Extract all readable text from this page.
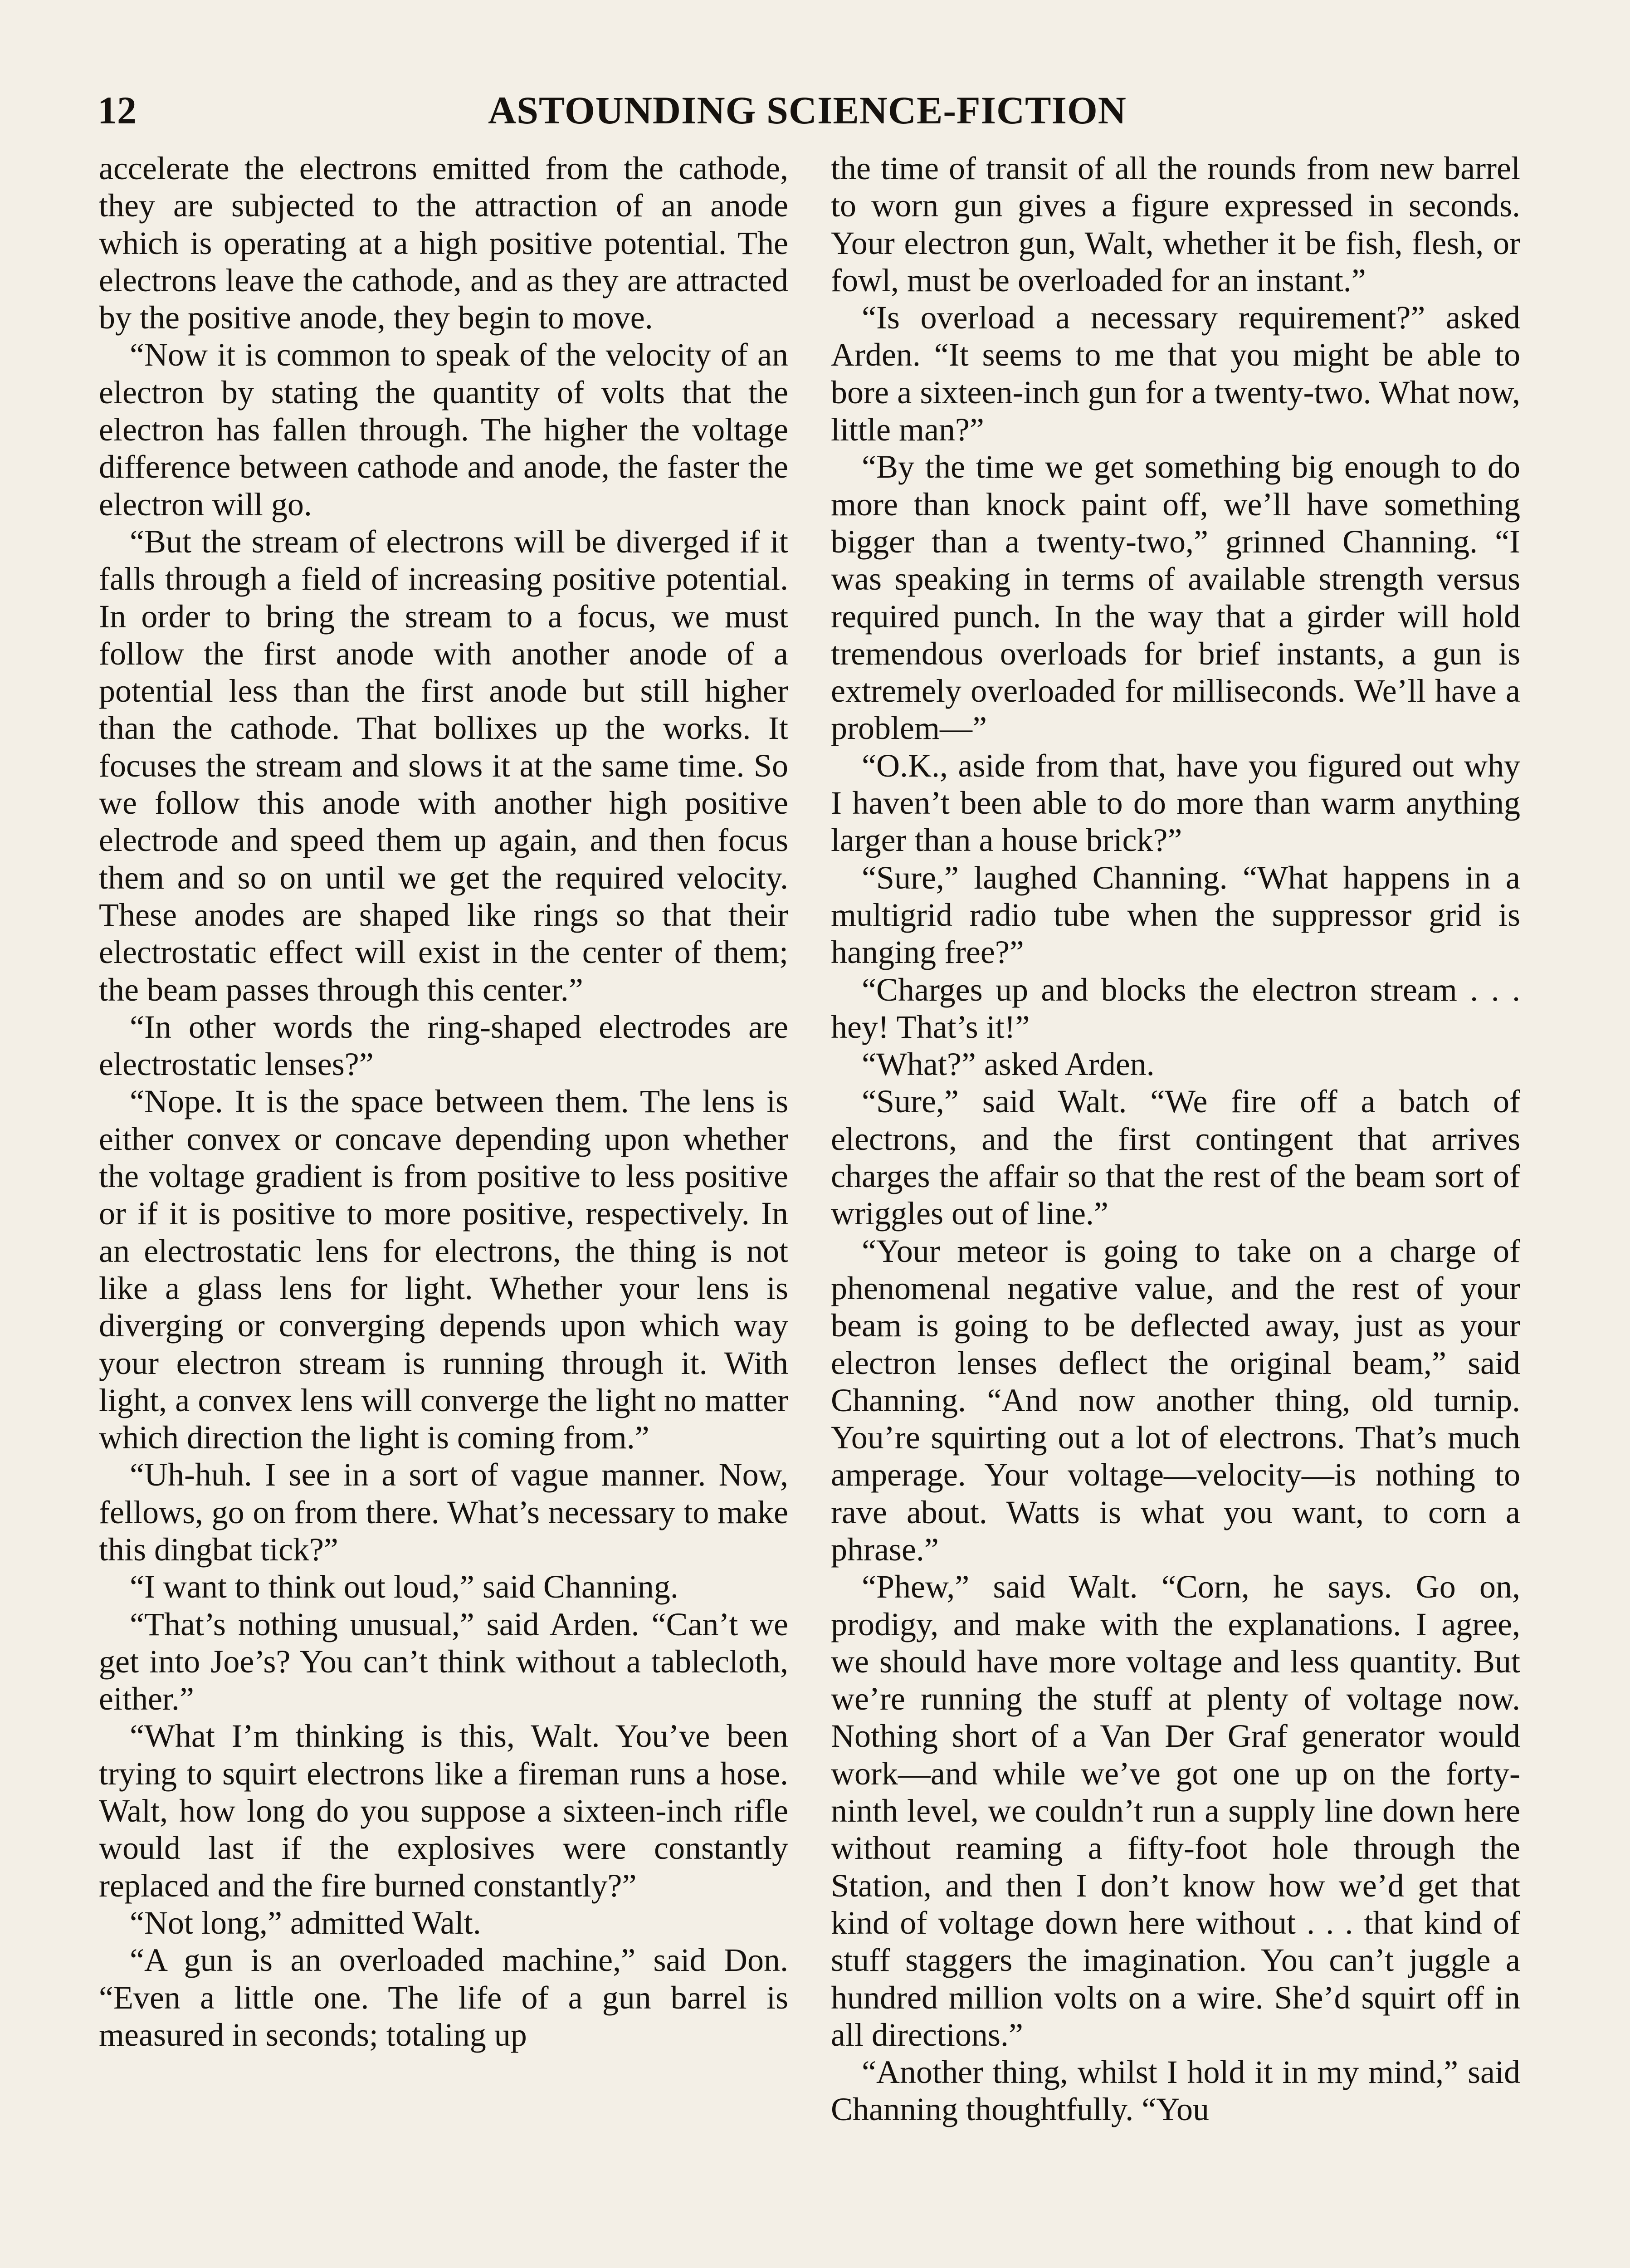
12	ASTOUNDING SCIENCE-FICTION

accelerate the electrons emitted from the cathode, they are subjected to the attraction of an anode which is operating at a high positive potential. The electrons leave the cathode, and as they are attracted by the positive anode, they begin to move.

“Now it is common to speak of the velocity of an electron by stating the quantity of volts that the electron has fallen through. The higher the voltage difference between cathode and anode, the faster the electron will go.

“But the stream of electrons will be diverged if it falls through a field of increasing positive potential. In order to bring the stream to a focus, we must follow the first anode with another anode of a potential less than the first anode but still higher than the cathode. That bollixes up the works. It focuses the stream and slows it at the same time. So we follow this anode with another high positive electrode and speed them up again, and then focus them and so on until we get the required velocity. These anodes are shaped like rings so that their electrostatic effect will exist in the center of them; the beam passes through this center.”

“In other words the ring-shaped electrodes are electrostatic lenses?”

“Nope. It is the space between them. The lens is either convex or concave depending upon whether the voltage gradient is from positive to less positive or if it is positive to more positive, respectively. In an electrostatic lens for electrons, the thing is not like a glass lens for light. Whether your lens is diverging or converging depends upon which way your electron stream is running through it. With light, a convex lens will converge the light no matter which direction the light is coming from.”

“Uh-huh. I see in a sort of vague manner. Now, fellows, go on from there. What’s necessary to make this dingbat tick?”

“I want to think out loud,” said Channing.

“That’s nothing unusual,” said Arden. “Can’t we get into Joe’s? You can’t think without a tablecloth, either.”

“What I’m thinking is this, Walt. You’ve been trying to squirt electrons like a fireman runs a hose. Walt, how long do you suppose a sixteen-inch rifle would last if the explosives were constantly replaced and the fire burned constantly?”

“Not long,” admitted Walt.

“A gun is an overloaded machine,” said Don. “Even a little one. The life of a gun barrel is measured in seconds; totaling up

the time of transit of all the rounds from new barrel to worn gun gives a figure expressed in seconds. Your electron gun, Walt, whether it be fish, flesh, or fowl, must be overloaded for an instant.”

“Is overload a necessary requirement?” asked Arden. “It seems to me that you might be able to bore a sixteen-inch gun for a twenty-two. What now, little man?”

“By the time we get something big enough to do more than knock paint off, we’ll have something bigger than a twenty-two,” grinned Channing. “I was speaking in terms of available strength versus required punch. In the way that a girder will hold tremendous overloads for brief instants, a gun is extremely overloaded for milliseconds. We’ll have a problem—”

“O.K., aside from that, have you figured out why I haven’t been able to do more than warm anything larger than a house brick?”

“Sure,” laughed Channing. “What happens in a multigrid radio tube when the suppressor grid is hanging free?”

“Charges up and blocks the electron stream . . . hey! That’s it!”

“What?” asked Arden.

“Sure,” said Walt. “We fire off a batch of electrons, and the first contingent that arrives charges the affair so that the rest of the beam sort of wriggles out of line.”

“Your meteor is going to take on a charge of phenomenal negative value, and the rest of your beam is going to be deflected away, just as your electron lenses deflect the original beam,” said Channing. “And now another thing, old turnip. You’re squirting out a lot of electrons. That’s much amperage. Your voltage—velocity—is nothing to rave about. Watts is what you want, to corn a phrase.”

“Phew,” said Walt. “Corn, he says. Go on, prodigy, and make with the explanations. I agree, we should have more voltage and less quantity. But we’re running the stuff at plenty of voltage now. Nothing short of a Van Der Graf generator would work—and while we’ve got one up on the forty-ninth level, we couldn’t run a supply line down here without reaming a fifty-foot hole through the Station, and then I don’t know how we’d get that kind of voltage down here without . . . that kind of stuff staggers the imagination. You can’t juggle a hundred million volts on a wire. She’d squirt off in all directions.”

“Another thing, whilst I hold it in my mind,” said Channing thoughtfully. “You
